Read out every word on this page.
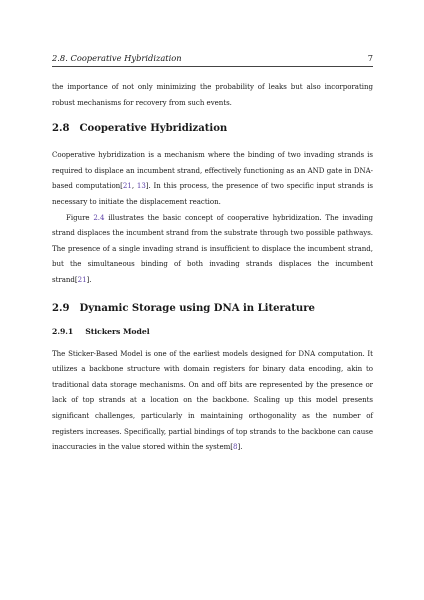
2.8. Cooperative Hybridization	7

the importance of not only minimizing the probability of leaks but also incorporating robust mechanisms for recovery from such events.

2.8 Cooperative Hybridization

Cooperative hybridization is a mechanism where the binding of two invading strands is required to displace an incumbent strand, effectively functioning as an AND gate in DNA-based computation[21, 13]. In this process, the presence of two specific input strands is necessary to initiate the displacement reaction.

Figure 2.4 illustrates the basic concept of cooperative hybridization. The invading strand displaces the incumbent strand from the substrate through two possible pathways. The presence of a single invading strand is insufficient to displace the incumbent strand, but the simultaneous binding of both invading strands displaces the incumbent strand[21].

2.9 Dynamic Storage using DNA in Literature
2.9.1 Stickers Model

The Sticker-Based Model is one of the earliest models designed for DNA computation. It utilizes a backbone structure with domain registers for binary data encoding, akin to traditional data storage mechanisms. On and off bits are represented by the presence or lack of top strands at a location on the backbone. Scaling up this model presents significant challenges, particularly in maintaining orthogonality as the number of registers increases. Specifically, partial bindings of top strands to the backbone can cause inaccuracies in the value stored within the system[8].
